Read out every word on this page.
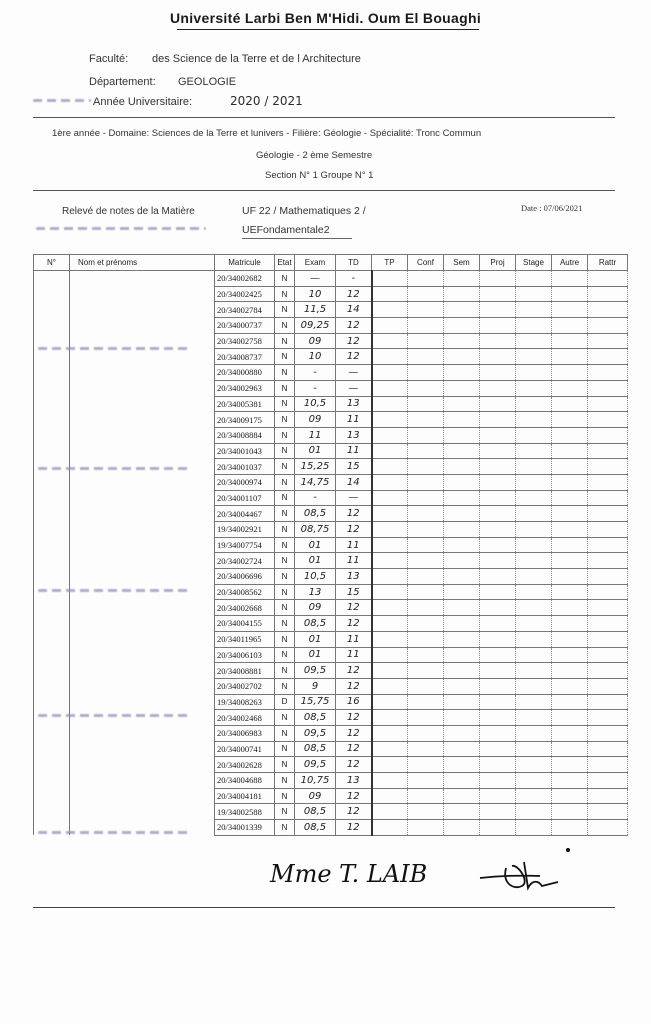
Université Larbi Ben M'Hidi. Oum El Bouaghi
Faculté: des Science de la Terre et de l Architecture
Département: GEOLOGIE
Année Universitaire:	2020 / 2021
1ère année - Domaine: Sciences de la Terre et lunivers - Filière: Géologie - Spécialité: Tronc Commun
Géologie - 2 ème Semestre
Section N° 1 Groupe N° 1
Relevé de notes de la Matière	UF 22 / Mathematiques 2 /	Date : 07/06/2021
UEFondamentale2
N°	Nom et prénoms	Matricule	Etat	Exam	TD	TP	Conf	Sem	Proj	Stage	Autre	Rattr
		20/34002682	N	—	-							
		20/34002425	N	10	12							
		20/34002784	N	11,5	14							
		20/34000737	N	09,25	12							
		20/34002758	N	09	12							
		20/34008737	N	10	12							
		20/34000880	N	-	—							
		20/34002963	N	-	—							
		20/34005381	N	10,5	13							
		20/34009175	N	09	11							
		20/34008884	N	11	13							
		20/34001043	N	01	11							
		20/34001037	N	15,25	15							
		20/34000974	N	14,75	14							
		20/34001107	N	-	—							
		20/34004467	N	08,5	12							
		19/34002921	N	08,75	12							
		19/34007754	N	01	11							
		20/34002724	N	01	11							
		20/34006696	N	10,5	13							
		20/34008562	N	13	15							
		20/34002668	N	09	12							
		20/34004155	N	08,5	12							
		20/34011965	N	01	11							
		20/34006103	N	01	11							
		20/34008881	N	09,5	12							
		20/34002702	N	9	12							
		19/34008263	D	15,75	16							
		20/34002468	N	08,5	12							
		20/34006983	N	09,5	12							
		20/34000741	N	08,5	12							
		20/34002628	N	09,5	12							
		20/34004688	N	10,75	13							
		20/34004181	N	09	12							
		19/34002588	N	08,5	12							
		20/34001339	N	08,5	12							
Mme T. LAIB
